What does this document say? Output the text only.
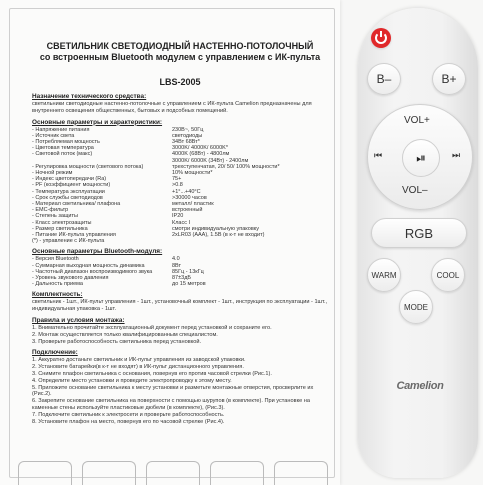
СВЕТИЛЬНИК СВЕТОДИОДНЫЙ НАСТЕННО-ПОТОЛОЧНЫЙ

со встроенным Bluetooth модулем с управлением с ИК-пульта

LBS-2005

Назначение технического средства:

светильники светодиодные настенно-потолочные с управлением с ИК-пульта Camelion предназначены для внутреннего освещения общественных, бытовых и подсобных помещений.

Основные параметры и характеристики:

- Напряжение питания	230В~, 50Гц
- Источник света	светодиоды
- Потребляемая мощность	34Вт 68Вт*
- Цветовая температура	3000K/ 4000K/ 6000K*
- Световой поток (макс)	4000K (68Вт) - 4800лм
3000K/ 6000K (34Вт) - 2400лм
- Регулировка мощности (светового потока)	трехступенчатая, 20/ 50/ 100% мощности*
- Ночной режим	10% мощности*
- Индекс цветопередачи (Ra)	75+
- PF (коэффициент мощности)	>0.8
- Температура эксплуатации	+1°...+40°C
- Срок службы светодиодов	>30000 часов
- Материал светильника/ плафона	металл/ пластик
- EMC-фильтр	встроенный
- Степень защиты	IP20
- Класс электрозащиты	Класс I
- Размер светильника	смотри индивидуальную упаковку
- Питание ИК-пульта управления	2xLR03 (AAA), 1.5В (в к-т не входит)
(*) - управление с ИК-пульта

Основные параметры Bluetooth-модуля:

- Версия Bluetooth	4.0
- Суммарная выходная мощность динамика	8Вт
- Частотный диапазон воспроизводимого звука	85Гц - 13кГц
- Уровень звукового давления	87±3дБ
- Дальность приема	до 15 метров

Комплектность:

светильник - 1шт., ИК-пульт управления - 1шт., установочный комплект - 1шт., инструкция по эксплуатации - 1шт., индивидуальная упаковка - 1шт.

Правила и условия монтажа:

1. Внимательно прочитайте эксплуатационный документ перед установкой и сохраните его.

2. Монтаж осуществляется только квалифицированным специалистом.

3. Проверьте работоспособность светильника перед установкой.

Подключение:

1. Аккуратно достаньте светильник и ИК-пульт управления из заводской упаковки.

2. Установите батарейки(в к-т не входят) в ИК-пульт дистанционного управления.

3. Снимите плафон светильника с основания, повернув его против часовой стрелки (Рис.1).

4. Определите место установки и проведите электропроводку к этому месту.

5. Приложите основание светильника к месту установки и разметьте монтажные отверстия, просверлите их (Рис.2).

6. Закрепите основание светильника на поверхности с помощью шурупов (в комплекте). При установке на каменные стены используйте пластиковые дюбели (в комплекте), (Рис.3).

7. Подключите светильник к электросети и проверьте работоспособность.

8. Установите плафон на место, повернув его по часовой стрелке (Рис.4).

B–	B+
VOL+
⏮	⏯	⏭
VOL–
RGB
WARM	COOL
MODE
Camelion
